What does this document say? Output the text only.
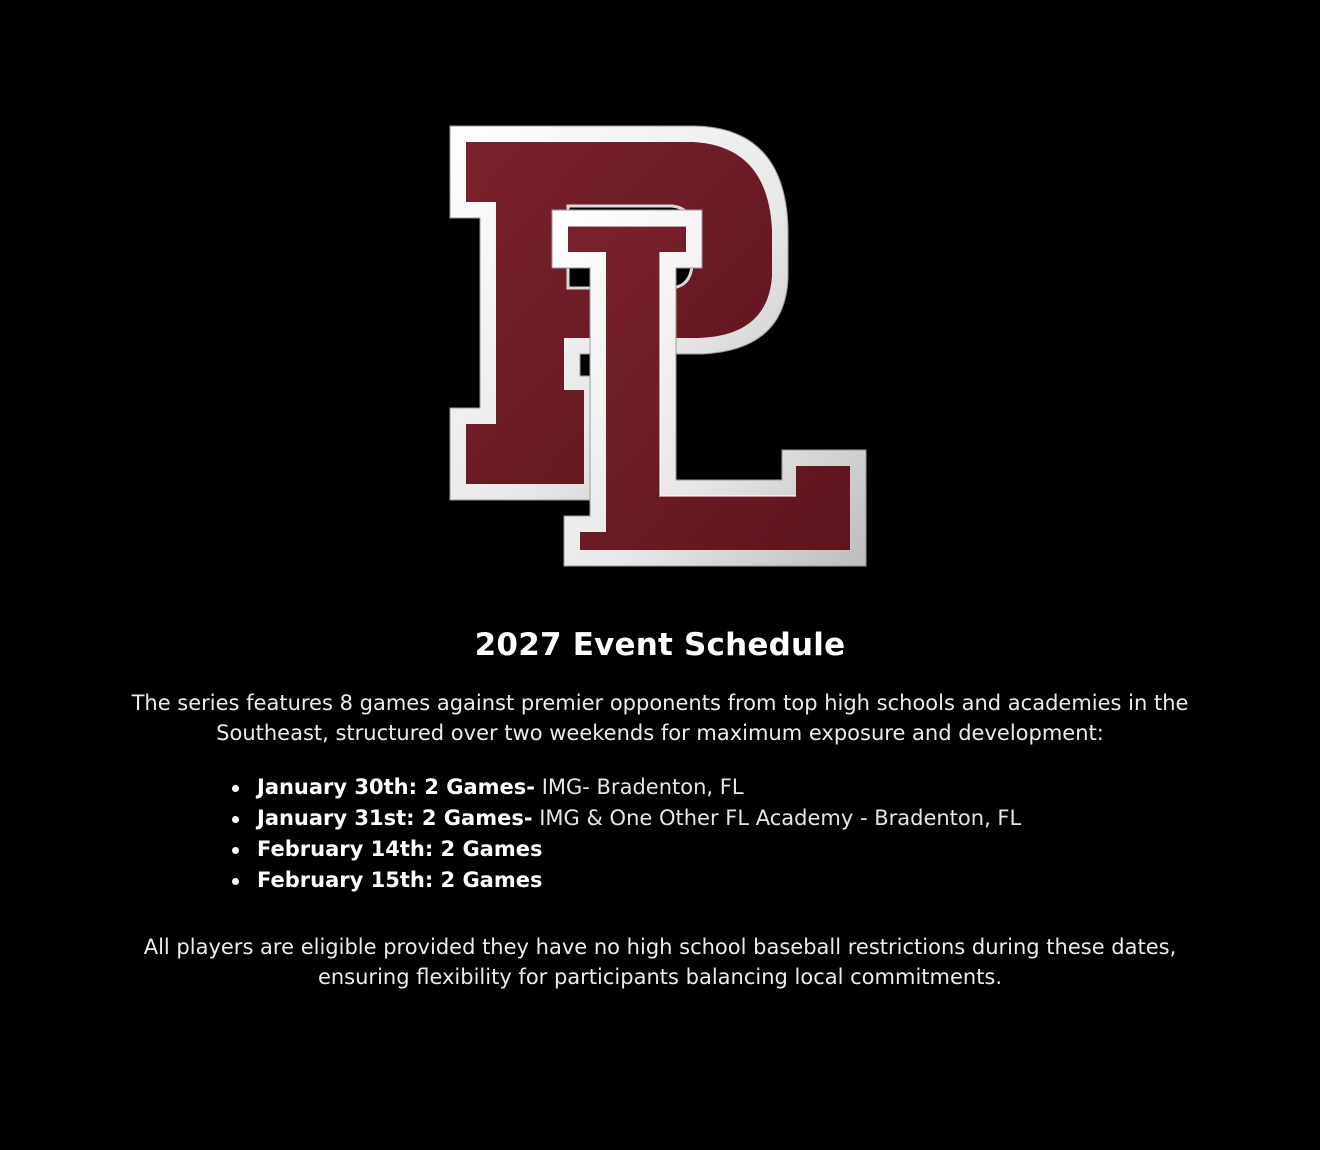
2027 Event Schedule
The series features 8 games against premier opponents from top high schools and academies in the Southeast, structured over two weekends for maximum exposure and development:
January 30th: 2 Games- IMG- Bradenton, FL
January 31st: 2 Games- IMG & One Other FL Academy - Bradenton, FL
February 14th: 2 Games
February 15th: 2 Games
All players are eligible provided they have no high school baseball restrictions during these dates, ensuring flexibility for participants balancing local commitments.
